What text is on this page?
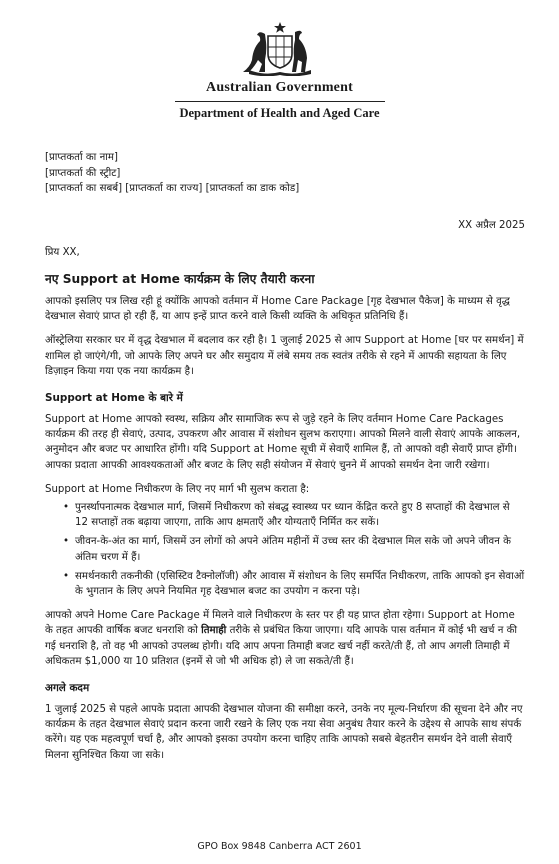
Australian Government
Department of Health and Aged Care
[प्राप्तकर्ता का नाम]
[प्राप्तकर्ता की स्ट्रीट]
[प्राप्तकर्ता का सबर्ब] [प्राप्तकर्ता का राज्य] [प्राप्तकर्ता का डाक कोड]
XX अप्रैल 2025
प्रिय XX,
नए Support at Home कार्यक्रम के लिए तैयारी करना

आपको इसलिए पत्र लिख रही हूं क्योंकि आपको वर्तमान में Home Care Package [गृह देखभाल पैकेज] के माध्यम से वृद्ध देखभाल सेवाएं प्राप्त हो रही हैं, या आप इन्हें प्राप्त करने वाले किसी व्यक्ति के अधिकृत प्रतिनिधि हैं।

ऑस्ट्रेलिया सरकार घर में वृद्ध देखभाल में बदलाव कर रही है। 1 जुलाई 2025 से आप Support at Home [घर पर समर्थन] में शामिल हो जाएंगे/गी, जो आपके लिए अपने घर और समुदाय में लंबे समय तक स्वतंत्र तरीके से रहने में आपकी सहायता के लिए डिज़ाइन किया गया एक नया कार्यक्रम है।

Support at Home के बारे में

Support at Home आपको स्वस्थ, सक्रिय और सामाजिक रूप से जुड़े रहने के लिए वर्तमान Home Care Packages कार्यक्रम की तरह ही सेवाएं, उत्पाद, उपकरण और आवास में संशोधन सुलभ कराएगा। आपको मिलने वाली सेवाएं आपके आकलन, अनुमोदन और बजट पर आधारित होंगी। यदि Support at Home सूची में सेवाएँ शामिल हैं, तो आपको वही सेवाएँ प्राप्त होंगी। आपका प्रदाता आपकी आवश्यकताओं और बजट के लिए सही संयोजन में सेवाएं चुनने में आपको समर्थन देना जारी रखेगा।

Support at Home निधीकरण के लिए नए मार्ग भी सुलभ कराता है:

• पुनर्स्थापनात्मक देखभाल मार्ग, जिसमें निधीकरण को संबद्ध स्वास्थ्य पर ध्यान केंद्रित करते हुए 8 सप्ताहों की देखभाल से 12 सप्ताहों तक बढ़ाया जाएगा, ताकि आप क्षमताएँ और योग्यताएँ निर्मित कर सकें।
• जीवन-के-अंत का मार्ग, जिसमें उन लोगों को अपने अंतिम महीनों में उच्च स्तर की देखभाल मिल सके जो अपने जीवन के अंतिम चरण में हैं।
• समर्थनकारी तकनीकी (एसिस्टिव टैक्नोलॉजी) और आवास में संशोधन के लिए समर्पित निधीकरण, ताकि आपको इन सेवाओं के भुगतान के लिए अपने नियमित गृह देखभाल बजट का उपयोग न करना पड़े।

आपको अपने Home Care Package में मिलने वाले निधीकरण के स्तर पर ही यह प्राप्त होता रहेगा। Support at Home के तहत आपकी वार्षिक बजट धनराशि को तिमाही तरीके से प्रबंधित किया जाएगा। यदि आपके पास वर्तमान में कोई भी खर्च न की गई धनराशि है, तो वह भी आपको उपलब्ध होगी। यदि आप अपना तिमाही बजट खर्च नहीं करते/ती हैं, तो आप अगली तिमाही में अधिकतम $1,000 या 10 प्रतिशत (इनमें से जो भी अधिक हो) ले जा सकते/ती हैं।

अगले कदम

1 जुलाई 2025 से पहले आपके प्रदाता आपकी देखभाल योजना की समीक्षा करने, उनके नए मूल्य-निर्धारण की सूचना देने और नए कार्यक्रम के तहत देखभाल सेवाएं प्रदान करना जारी रखने के लिए एक नया सेवा अनुबंध तैयार करने के उद्देश्य से आपके साथ संपर्क करेंगे। यह एक महत्वपूर्ण चर्चा है, और आपको इसका उपयोग करना चाहिए ताकि आपको सबसे बेहतरीन समर्थन देने वाली सेवाएँ मिलना सुनिश्चित किया जा सके।

GPO Box 9848 Canberra ACT 2601
